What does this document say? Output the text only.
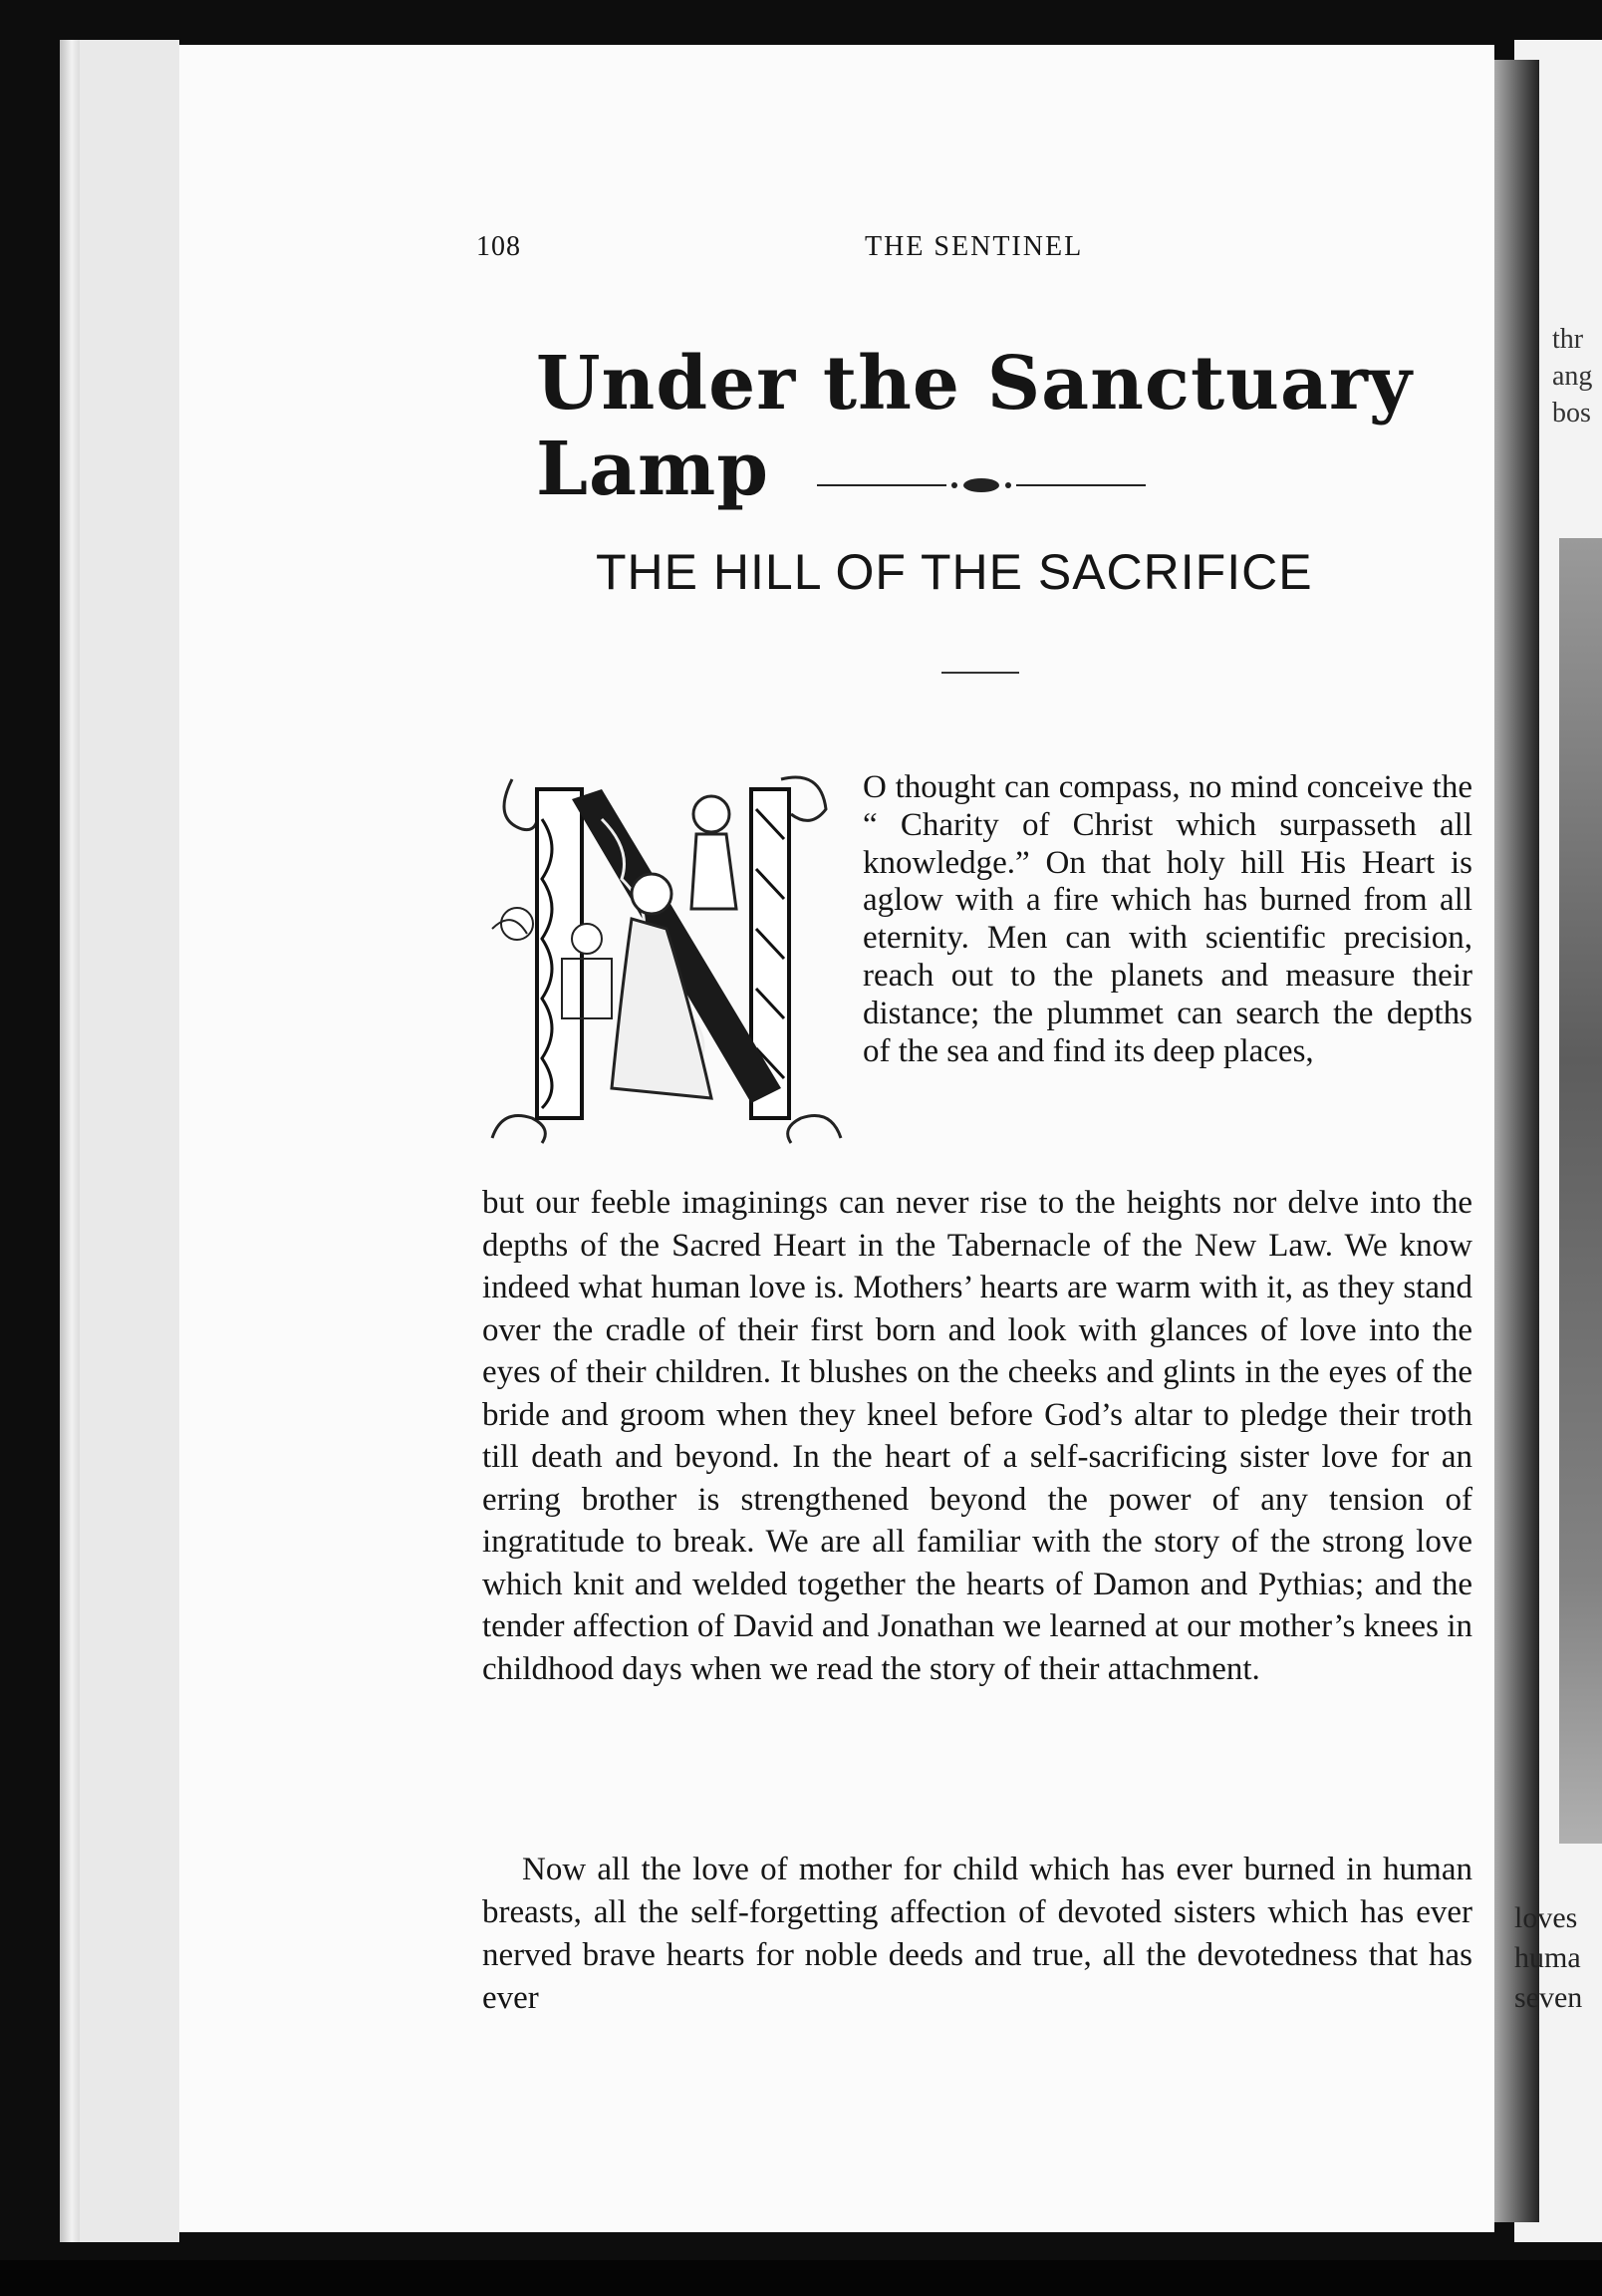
thr
ang
bos
loves
huma
seven
108	THE SENTINEL
Under the Sanctuary Lamp
THE HILL OF THE SACRIFICE

O thought can compass, no mind conceive the “ Charity of Christ which surpasseth all knowledge.” On that holy hill His Heart is aglow with a fire which has burned from all eternity. Men can with scientific precision, reach out to the planets and measure their distance; the plummet can search the depths of the sea and find its deep places,

but our feeble imaginings can never rise to the heights nor delve into the depths of the Sacred Heart in the Tabernacle of the New Law. We know indeed what human love is. Mothers’ hearts are warm with it, as they stand over the cradle of their first born and look with glances of love into the eyes of their children. It blushes on the cheeks and glints in the eyes of the bride and groom when they kneel before God’s altar to pledge their troth till death and beyond. In the heart of a self-sacrificing sister love for an erring brother is strengthened beyond the power of any tension of ingratitude to break. We are all familiar with the story of the strong love which knit and welded together the hearts of Damon and Pythias; and the tender affection of David and Jonathan we learned at our mother’s knees in childhood days when we read the story of their attachment.

Now all the love of mother for child which has ever burned in human breasts, all the self-forgetting affection of devoted sisters which has ever nerved brave hearts for noble deeds and true, all the devotedness that has ever
